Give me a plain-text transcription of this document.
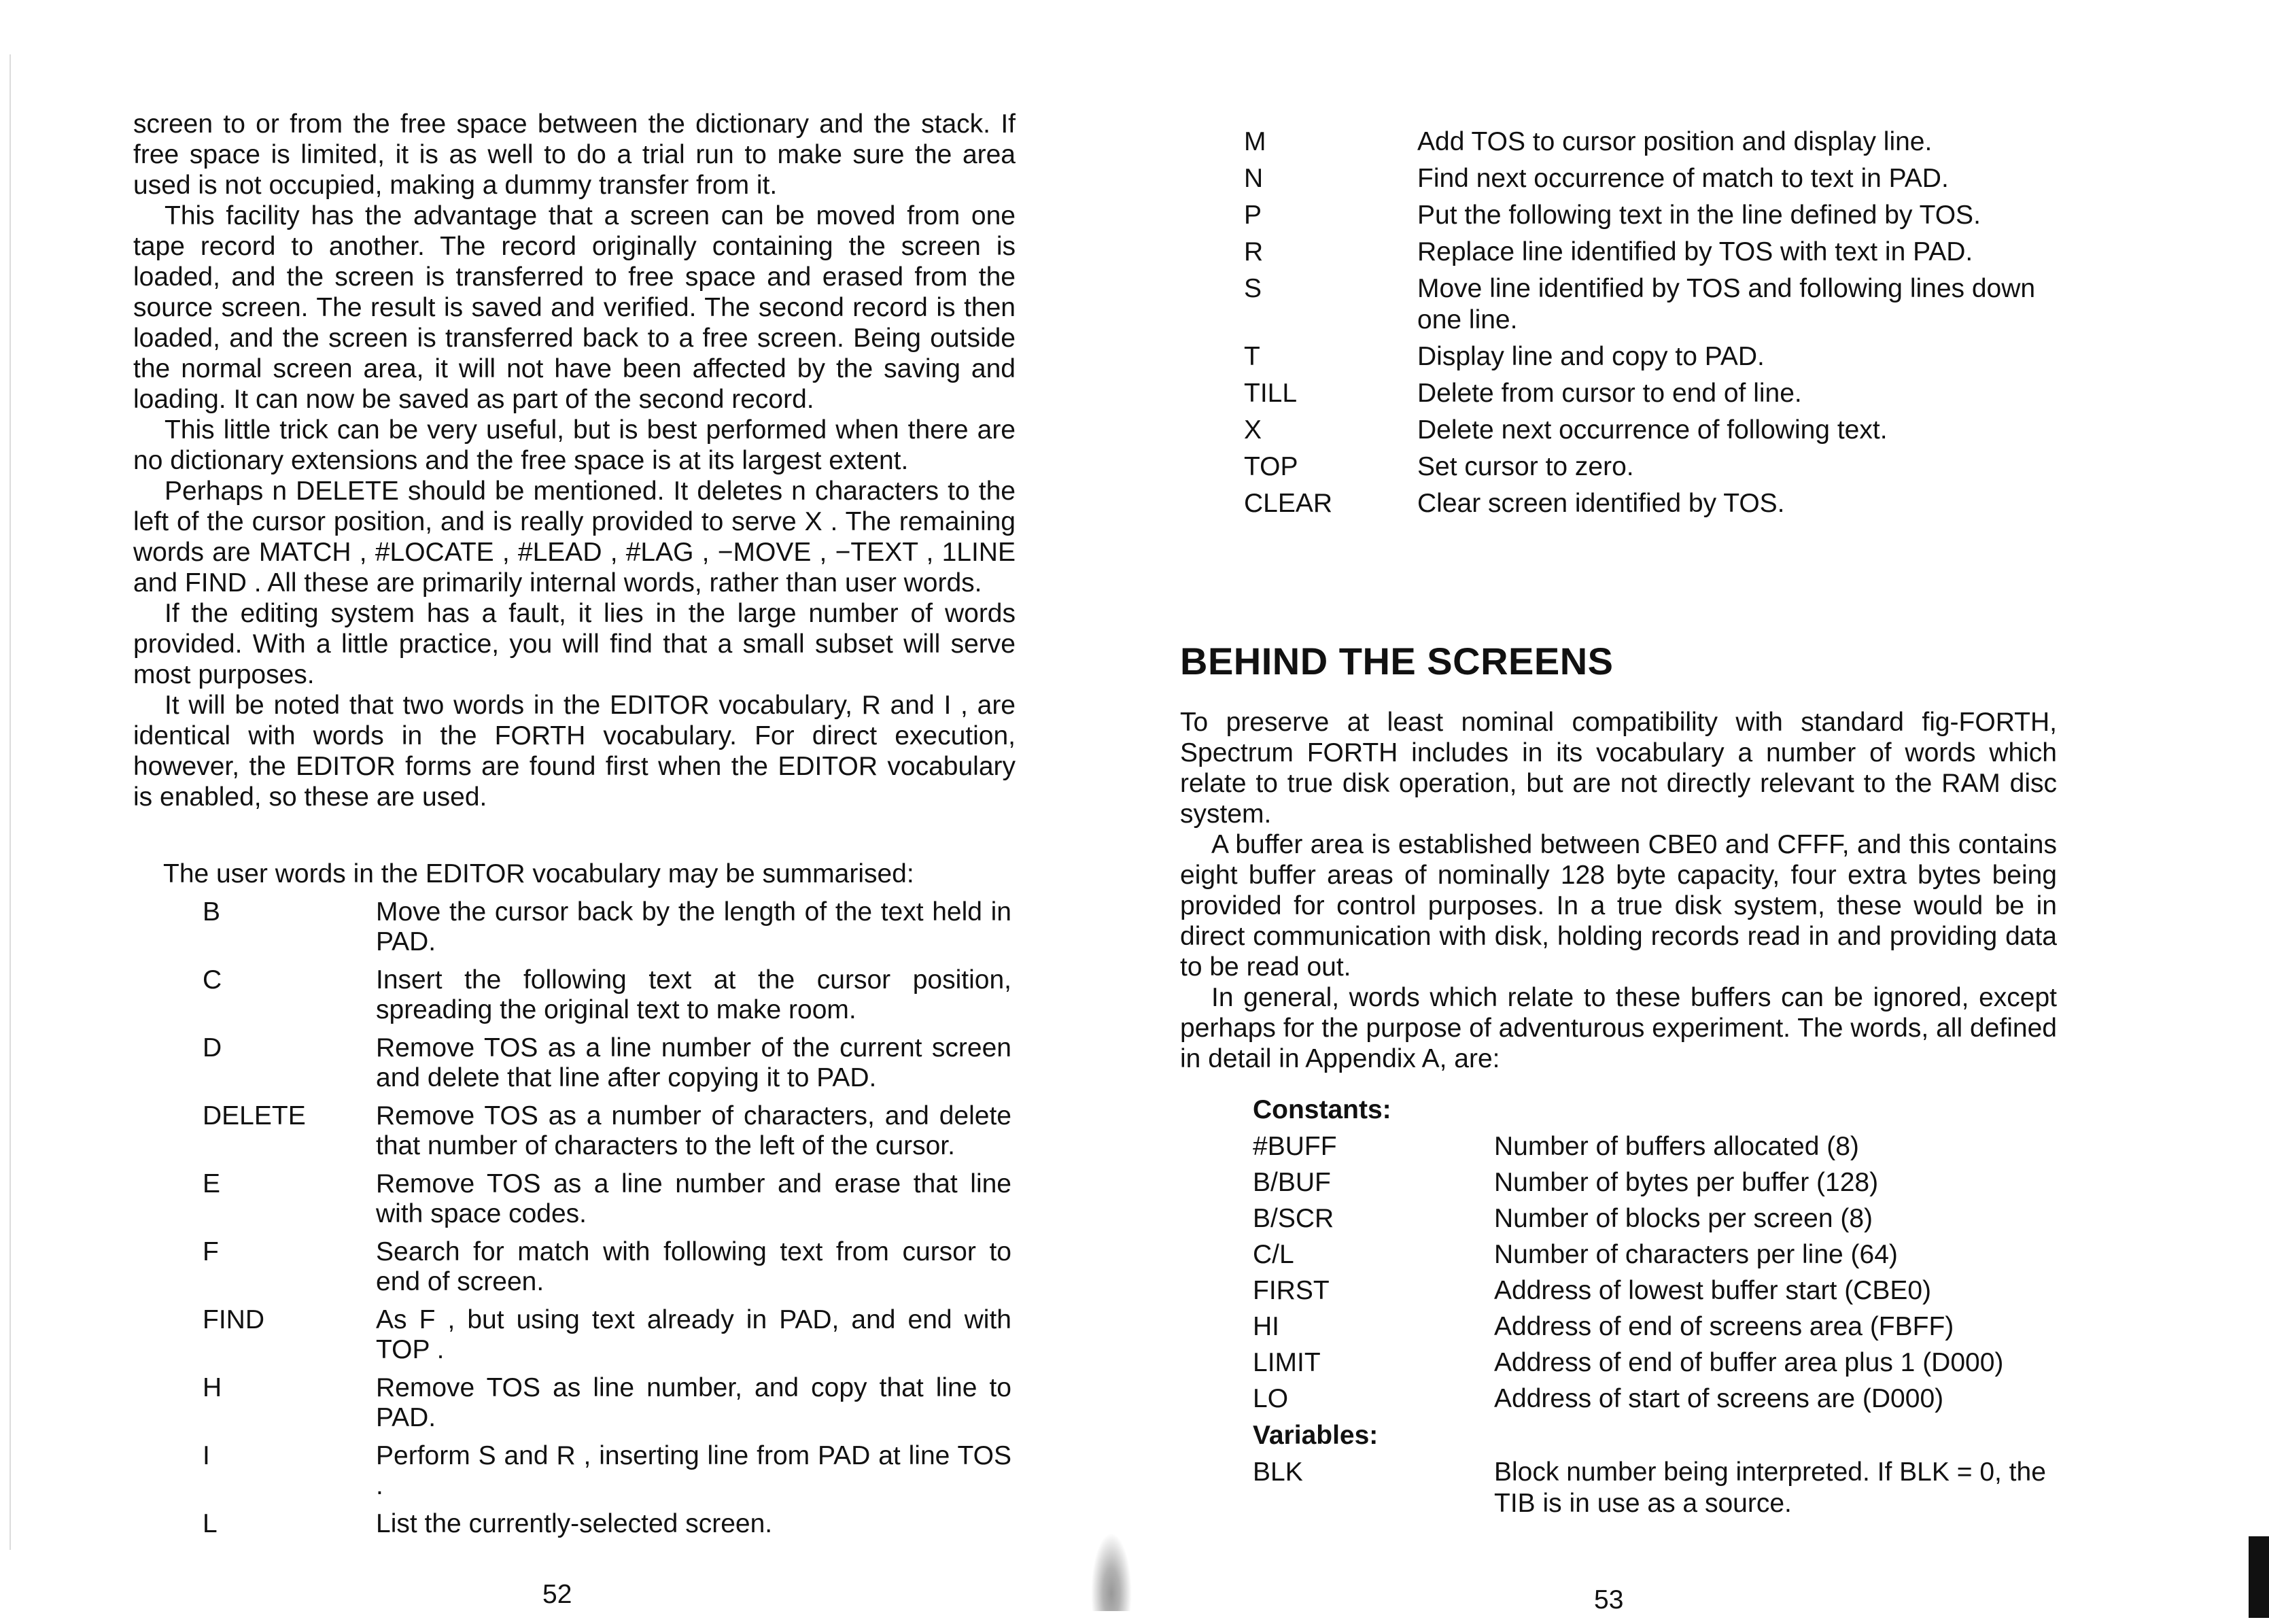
screen to or from the free space between the dictionary and the stack. If free space is limited, it is as well to do a trial run to make sure the area used is not occupied, making a dummy transfer from it.

This facility has the advantage that a screen can be moved from one tape record to another. The record originally containing the screen is loaded, and the screen is transferred to free space and erased from the source screen. The result is saved and verified. The second record is then loaded, and the screen is transferred back to a free screen. Being outside the normal screen area, it will not have been affected by the saving and loading. It can now be saved as part of the second record.

This little trick can be very useful, but is best performed when there are no dictionary extensions and the free space is at its largest extent.

Perhaps n DELETE should be mentioned. It deletes n characters to the left of the cursor position, and is really provided to serve X . The remaining words are MATCH , #LOCATE , #LEAD , #LAG , −MOVE , −TEXT , 1LINE and FIND . All these are primarily internal words, rather than user words.

If the editing system has a fault, it lies in the large number of words provided. With a little practice, you will find that a small subset will serve most purposes.

It will be noted that two words in the EDITOR vocabulary, R and I , are identical with words in the FORTH vocabulary. For direct execution, however, the EDITOR forms are found first when the EDITOR vocabulary is enabled, so these are used.

The user words in the EDITOR vocabulary may be summarised:
B	Move the cursor back by the length of the text held in PAD.
C	Insert the following text at the cursor position, spreading the original text to make room.
D	Remove TOS as a line number of the current screen and delete that line after copying it to PAD.
DELETE	Remove TOS as a number of characters, and delete that number of characters to the left of the cursor.
E	Remove TOS as a line number and erase that line with space codes.
F	Search for match with following text from cursor to end of screen.
FIND	As F , but using text already in PAD, and end with TOP .
H	Remove TOS as line number, and copy that line to PAD.
I	Perform S and R , inserting line from PAD at line TOS .
L	List the currently-selected screen.
52
M	Add TOS to cursor position and display line.
N	Find next occurrence of match to text in PAD.
P	Put the following text in the line defined by TOS.
R	Replace line identified by TOS with text in PAD.
S	Move line identified by TOS and following lines down one line.
T	Display line and copy to PAD.
TILL	Delete from cursor to end of line.
X	Delete next occurrence of following text.
TOP	Set cursor to zero.
CLEAR	Clear screen identified by TOS.
BEHIND THE SCREENS

To preserve at least nominal compatibility with standard fig-FORTH, Spectrum FORTH includes in its vocabulary a number of words which relate to true disk operation, but are not directly relevant to the RAM disc system.

A buffer area is established between CBE0 and CFFF, and this contains eight buffer areas of nominally 128 byte capacity, four extra bytes being provided for control purposes. In a true disk system, these would be in direct communication with disk, holding records read in and providing data to be read out.

In general, words which relate to these buffers can be ignored, except perhaps for the purpose of adventurous experiment. The words, all defined in detail in Appendix A, are:

Constants:
#BUFF	Number of buffers allocated (8)
B/BUF	Number of bytes per buffer (128)
B/SCR	Number of blocks per screen (8)
C/L	Number of characters per line (64)
FIRST	Address of lowest buffer start (CBE0)
HI	Address of end of screens area (FBFF)
LIMIT	Address of end of buffer area plus 1 (D000)
LO	Address of start of screens are (D000)
Variables:
BLK	Block number being interpreted. If BLK = 0, the TIB is in use as a source.
53
